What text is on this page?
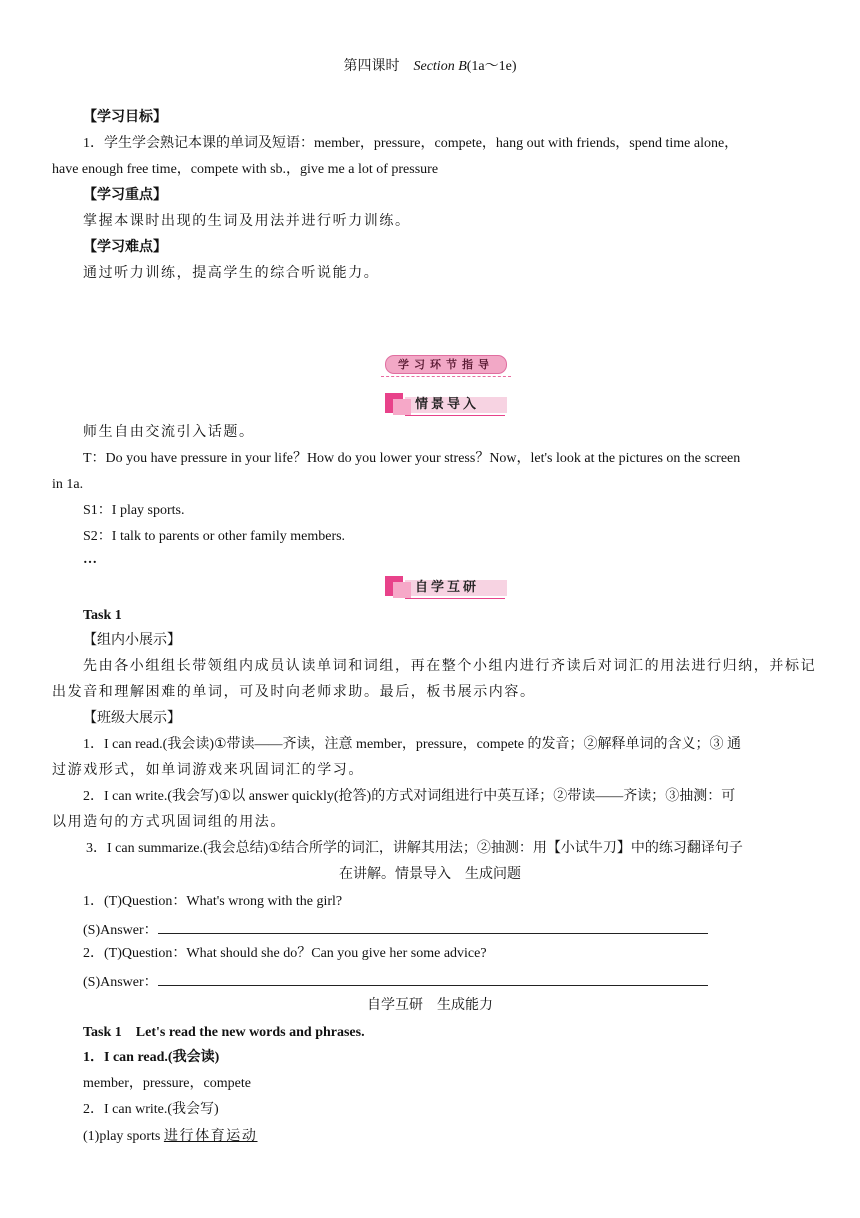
第四课时　 Section B(1a～1e)
【学习目标】
1．学生学会熟记本课的单词及短语：member，pressure，compete，hang out with friends，spend time alone，
have enough free time，compete with sb.，give me a lot of pressure
【学习重点】
掌握本课时出现的生词及用法并进行听力训练。
【学习难点】
通过听力训练，提高学生的综合听说能力。
学习环节指导
情景导入
师生自由交流引入话题。
T：Do you have pressure in your life？How do you lower your stress？Now，let's look at the pictures on the screen
in 1a.
S1：I play sports.
S2：I talk to parents or other family members.
…
自学互研
Task 1
【组内小展示】
先由各小组组长带领组内成员认读单词和词组，再在整个小组内进行齐读后对词汇的用法进行归纳，并标记
出发音和理解困难的单词，可及时向老师求助。最后，板书展示内容。
【班级大展示】
1．I can read.(我会读)①带读——齐读，注意 member，pressure，compete 的发音；②解释单词的含义；③ 通
过游戏形式，如单词游戏来巩固词汇的学习。
2．I can write.(我会写)①以 answer quickly(抢答)的方式对词组进行中英互译；②带读——齐读；③抽测：可
以用造句的方式巩固词组的用法。
3．I can summarize.(我会总结)①结合所学的词汇，讲解其用法；②抽测：用【小试牛刀】中的练习翻译句子
在讲解。情景导入　生成问题
1．(T)Question：What's wrong with the girl?
(S)Answer：
2．(T)Question：What should she do？Can you give her some advice?
(S)Answer：
自学互研　生成能力
Task 1　Let's read the new words and phrases.
1．I can read.(我会读)
member，pressure，compete
2．I can write.(我会写)
(1)play sports 进行体育运动
